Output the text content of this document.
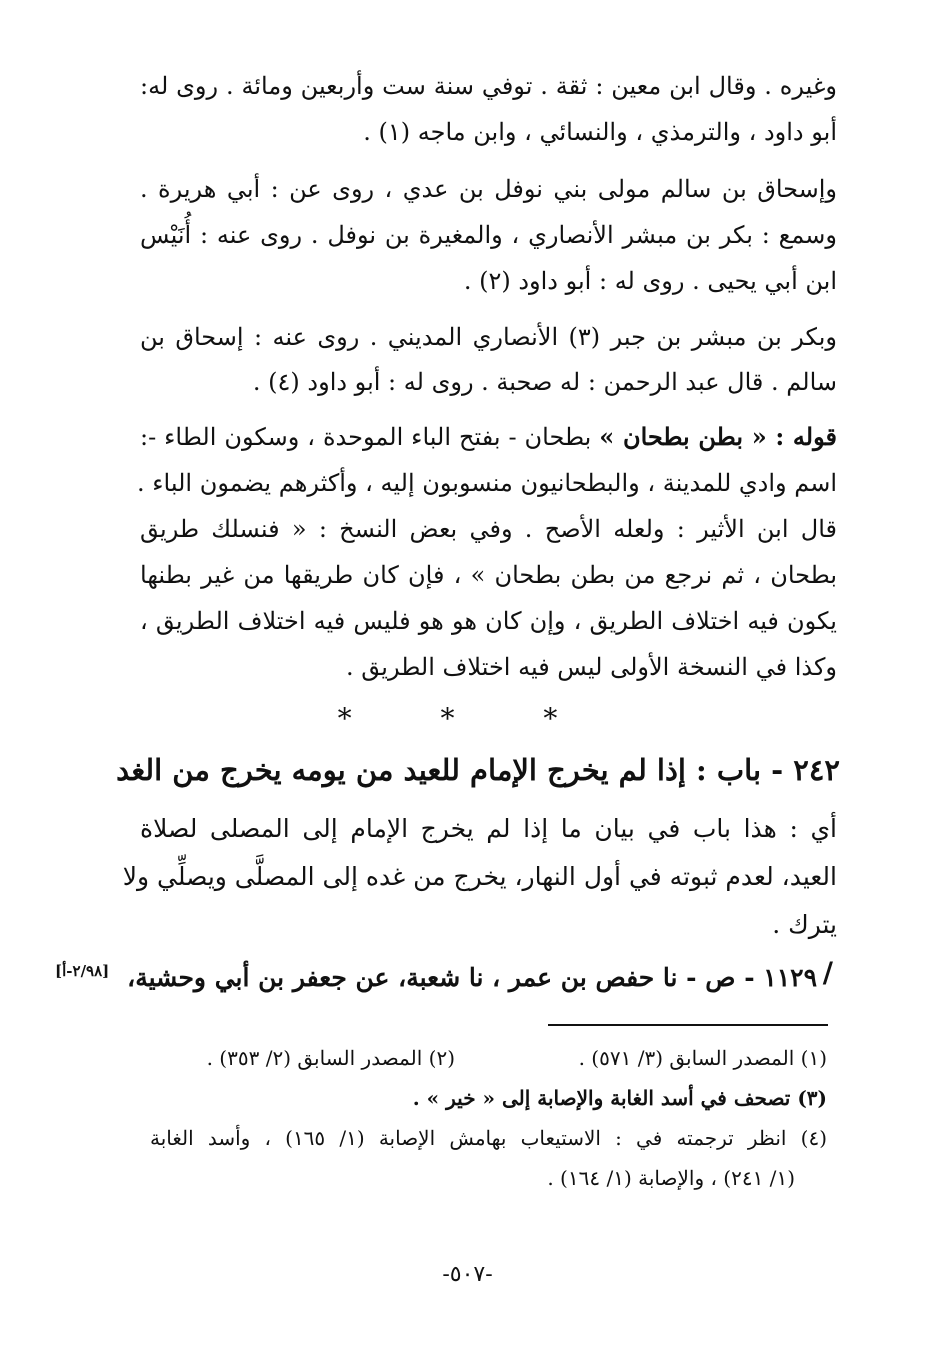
وغيره . وقال ابن معين : ثقة . توفي سنة ست وأربعين ومائة . روى له:
أبو داود ، والترمذي ، والنسائي ، وابن ماجه (١) .
وإسحاق بن سالم مولى بني نوفل بن عدي ، روى عن : أبي هريرة .
وسمع : بكر بن مبشر الأنصاري ، والمغيرة بن نوفل . روى عنه : أُنَيْس
ابن أبي يحيى . روى له : أبو داود (٢) .
وبكر بن مبشر بن جبر (٣) الأنصاري المديني . روى عنه : إسحاق بن
سالم . قال عبد الرحمن : له صحبة . روى له : أبو داود (٤) .
قوله : « بطن بطحان » بطحان - بفتح الباء الموحدة ، وسكون الطاء -:
اسم وادي للمدينة ، والبطحانيون منسوبون إليه ، وأكثرهم يضمون الباء .
قال ابن الأثير : ولعله الأصح . وفي بعض النسخ : « فنسلك طريق
بطحان ، ثم نرجع من بطن بطحان » ، فإن كان طريقها من غير بطنها
يكون فيه اختلاف الطريق ، وإن كان هو هو فليس فيه اختلاف الطريق ،
وكذا في النسخة الأولى ليس فيه اختلاف الطريق .
* * *
٢٤٢ - باب : إذا لم يخرج الإمام للعيد من يومه يخرج من الغد
أي : هذا باب في بيان ما إذا لم يخرج الإمام إلى المصلى لصلاة
العيد، لعدم ثبوته في أول النهار، يخرج من غده إلى المصلَّى ويصلِّي ولا
يترك .
/
١١٢٩ - ص - نا حفص بن عمر ، نا شعبة، عن جعفر بن أبي وحشية،
[٢/٩٨-أ]
(١) المصدر السابق (٣/ ٥٧١) .
(٢) المصدر السابق (٢/ ٣٥٣) .
(٣) تصحف في أسد الغابة والإصابة إلى « خير » .
(٤) انظر ترجمته في : الاستيعاب بهامش الإصابة (١/ ١٦٥) ، وأسد الغابة
(١/ ٢٤١) ، والإصابة (١/ ١٦٤) .
-٥٠٧-
